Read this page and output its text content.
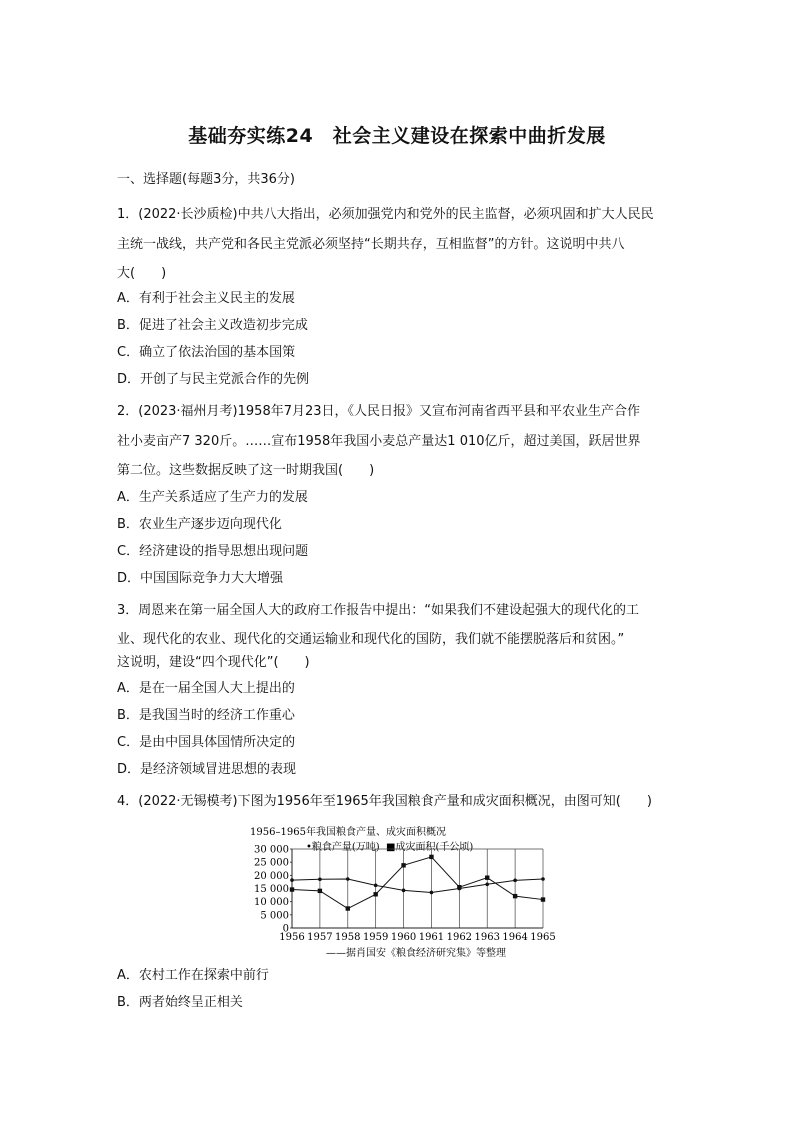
基础夯实练24　社会主义建设在探索中曲折发展
一、选择题(每题3分，共36分)
1．(2022·长沙质检)中共八大指出，必须加强党内和党外的民主监督，必须巩固和扩大人民民
主统一战线，共产党和各民主党派必须坚持“长期共存，互相监督”的方针。这说明中共八
大(　　)
A．有利于社会主义民主的发展
B．促进了社会主义改造初步完成
C．确立了依法治国的基本国策
D．开创了与民主党派合作的先例
2．(2023·福州月考)1958年7月23日，《人民日报》又宣布河南省西平县和平农业生产合作
社小麦亩产7 320斤。……宣布1958年我国小麦总产量达1 010亿斤，超过美国，跃居世界
第二位。这些数据反映了这一时期我国(　　)
A．生产关系适应了生产力的发展
B．农业生产逐步迈向现代化
C．经济建设的指导思想出现问题
D．中国国际竞争力大大增强
3．周恩来在第一届全国人大的政府工作报告中提出：“如果我们不建设起强大的现代化的工
业、现代化的农业、现代化的交通运输业和现代化的国防，我们就不能摆脱落后和贫困。”
这说明，建设“四个现代化”(　　)
A．是在一届全国人大上提出的
B．是我国当时的经济工作重心
C．是由中国具体国情所决定的
D．是经济领域冒进思想的表现
4．(2022·无锡模考)下图为1956年至1965年我国粮食产量和成灾面积概况，由图可知(　　)
1956–1965年我国粮食产量、成灾面积概况
•粮食产量(万吨) ■成灾面积(千公顷)
0
5 000
10 000
15 000
20 000
25 000
30 000
1956 1957 1958 1959 1960 1961 1962 1963 1964 1965
——据肖国安《粮食经济研究集》等整理
A．农村工作在探索中前行
B．两者始终呈正相关
